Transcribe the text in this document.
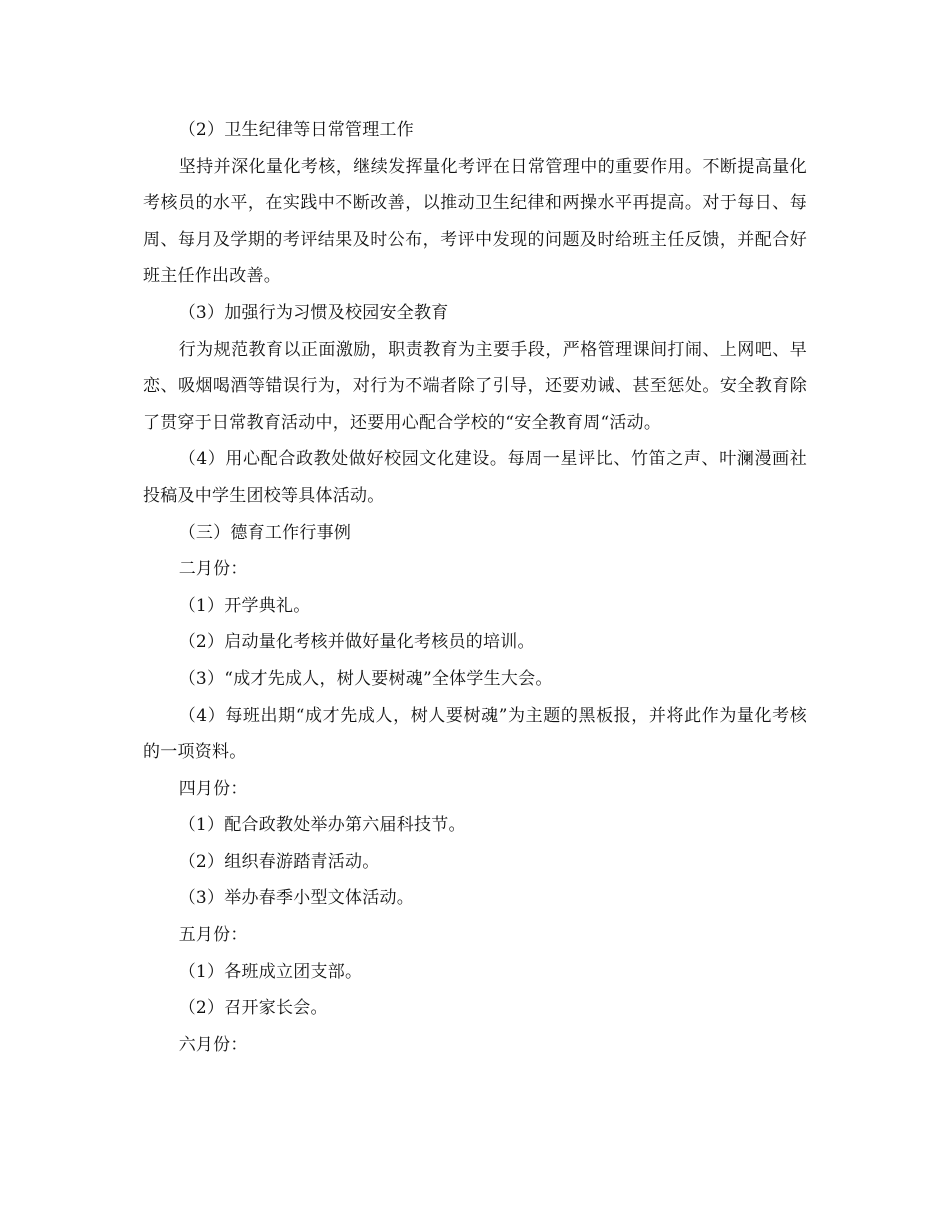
（2）卫生纪律等日常管理工作

坚持并深化量化考核，继续发挥量化考评在日常管理中的重要作用。不断提高量化考核员的水平，在实践中不断改善，以推动卫生纪律和两操水平再提高。对于每日、每周、每月及学期的考评结果及时公布，考评中发现的问题及时给班主任反馈，并配合好班主任作出改善。

（3）加强行为习惯及校园安全教育

行为规范教育以正面激励，职责教育为主要手段，严格管理课间打闹、上网吧、早恋、吸烟喝酒等错误行为，对行为不端者除了引导，还要劝诫、甚至惩处。安全教育除了贯穿于日常教育活动中，还要用心配合学校的“安全教育周“活动。

（4）用心配合政教处做好校园文化建设。每周一星评比、竹笛之声、叶澜漫画社投稿及中学生团校等具体活动。

（三）德育工作行事例

二月份：

（1）开学典礼。

（2）启动量化考核并做好量化考核员的培训。

（3）“成才先成人，树人要树魂”全体学生大会。

（4）每班出期“成才先成人，树人要树魂”为主题的黑板报，并将此作为量化考核的一项资料。

四月份：

（1）配合政教处举办第六届科技节。

（2）组织春游踏青活动。

（3）举办春季小型文体活动。

五月份：

（1）各班成立团支部。

（2）召开家长会。

六月份：
